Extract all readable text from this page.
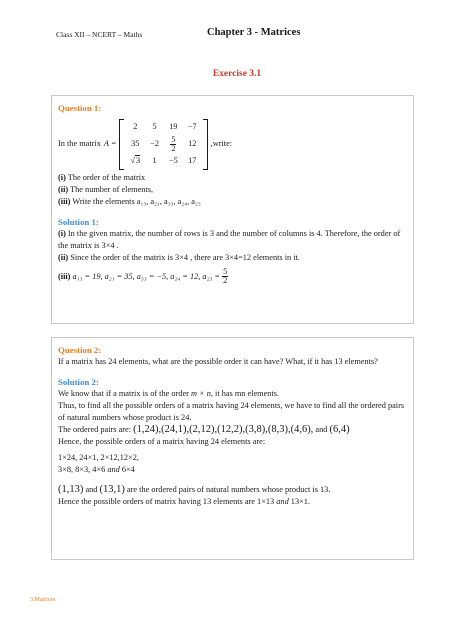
Class XII – NCERT – Maths	Chapter 3 - Matrices
Exercise 3.1
Question 1:
In the matrix A =
2	5	19	−7
35	−2	$\frac{5}{2}$	12
√3	1	−5	17
,write:
(i) The order of the matrix
(ii) The number of elements,
(iii) Write the elements a₁₃, a₂₁, a₃₃, a₂₄, a₂₃
Solution 1:
(i) In the given matrix, the number of rows is 3 and the number of columns is 4. Therefore, the order of the matrix is 3×4 .
(ii) Since the order of the matrix is 3×4 , there are 3×4=12 elements in it.
(iii)
a₁₃ = 19, a₂₁ = 35, a₃₃ = −5, a₂₄ = 12, a₂₃ =
$\frac{5}{2}$
Question 2:
If a matrix has 24 elements, what are the possible order it can have? What, if it has 13 elements?
Solution 2:
We know that if a matrix is of the order m × n, it has mn elements.
Thus, to find all the possible orders of a matrix having 24 elements, we have to find all the ordered pairs of natural numbers whose product is 24.
The ordered pairs are: (1,24),(24,1),(2,12),(12,2),(3,8),(8,3),(4,6), and (6,4)
Hence, the possible orders of a matrix having 24 elements are:
1×24, 24×1, 2×12,12×2,
3×8, 8×3, 4×6 and 6×4
(1,13) and (13,1) are the ordered pairs of natural numbers whose product is 13.
Hence the possible orders of matrix having 13 elements are 1×13 and 13×1.
3.Matrices
